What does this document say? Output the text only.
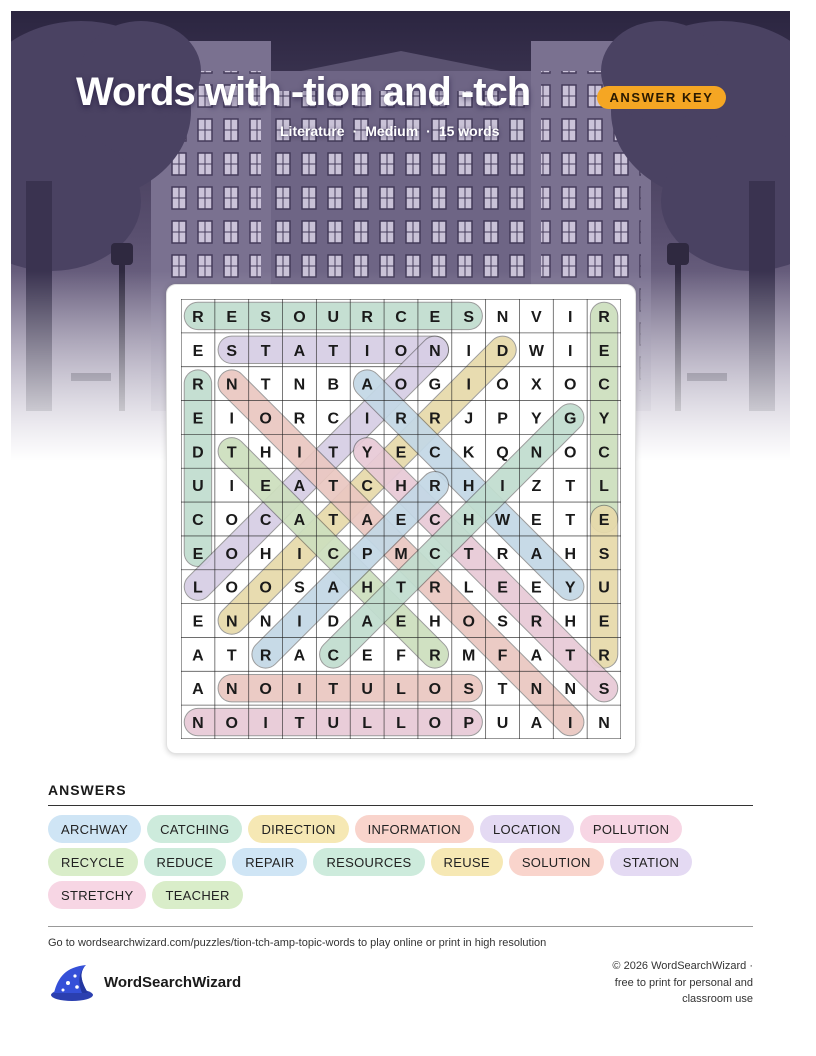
Words with -tion and -tch	ANSWER KEY
Literature · Medium · 15 words
R E S O U R C E S N V I R
E S T A T I O N I D W I E
R N T N B A O G I O X O C
E I O R C I R R J P Y G Y
D T H I T Y E C K Q N O C
U I E A T C H R H I Z T L
C O C A T A E C H W E T E
E O H I C P M C T R A H S
L O O S A H T R L E E Y U
E N N I D A E H O S R H E
A T R A C E F R M F A T R
A N O I T U L O S T N N S
N O I T U L L O P U A I N
ANSWERS
ARCHWAY	CATCHING	DIRECTION	INFORMATION	LOCATION	POLLUTION
RECYCLE	REDUCE	REPAIR	RESOURCES	REUSE	SOLUTION	STATION
STRETCHY	TEACHER
Go to wordsearchwizard.com/puzzles/tion-tch-amp-topic-words to play online or print in high resolution
WordSearchWizard
© 2026 WordSearchWizard ·
free to print for personal and
classroom use
